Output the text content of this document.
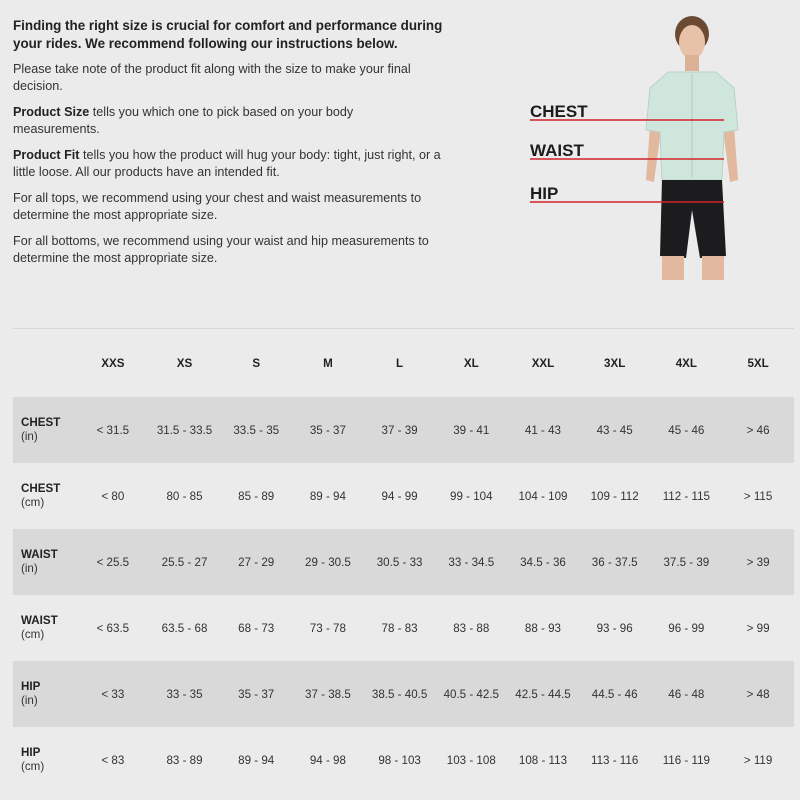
Finding the right size is crucial for comfort and performance during your rides. We recommend following our instructions below.

Please take note of the product fit along with the size to make your final decision.

Product Size tells you which one to pick based on your body measurements.

Product Fit tells you how the product will hug your body: tight, just right, or a little loose. All our products have an intended fit.

For all tops, we recommend using your chest and waist measurements to determine the most appropriate size.

For all bottoms, we recommend using your waist and hip measurements to determine the most appropriate size.

CHEST
WAIST
HIP
	XXS	XS	S	M	L	XL	XXL	3XL	4XL	5XL

CHEST
(in)	< 31.5	31.5 - 33.5	33.5 - 35	35 - 37	37 - 39	39 - 41	41 - 43	43 - 45	45 - 46	> 46

CHEST
(cm)	< 80	80 - 85	85 - 89	89 - 94	94 - 99	99 - 104	104 - 109	109 - 112	112 - 115	> 115

WAIST
(in)	< 25.5	25.5 - 27	27 - 29	29 - 30.5	30.5 - 33	33 - 34.5	34.5 - 36	36 - 37.5	37.5 - 39	> 39

WAIST
(cm)	< 63.5	63.5 - 68	68 - 73	73 - 78	78 - 83	83 - 88	88 - 93	93 - 96	96 - 99	> 99

HIP
(in)	< 33	33 - 35	35 - 37	37 - 38.5	38.5 - 40.5	40.5 - 42.5	42.5 - 44.5	44.5 - 46	46 - 48	> 48

HIP
(cm)	< 83	83 - 89	89 - 94	94 - 98	98 - 103	103 - 108	108 - 113	113 - 116	116 - 119	> 119
